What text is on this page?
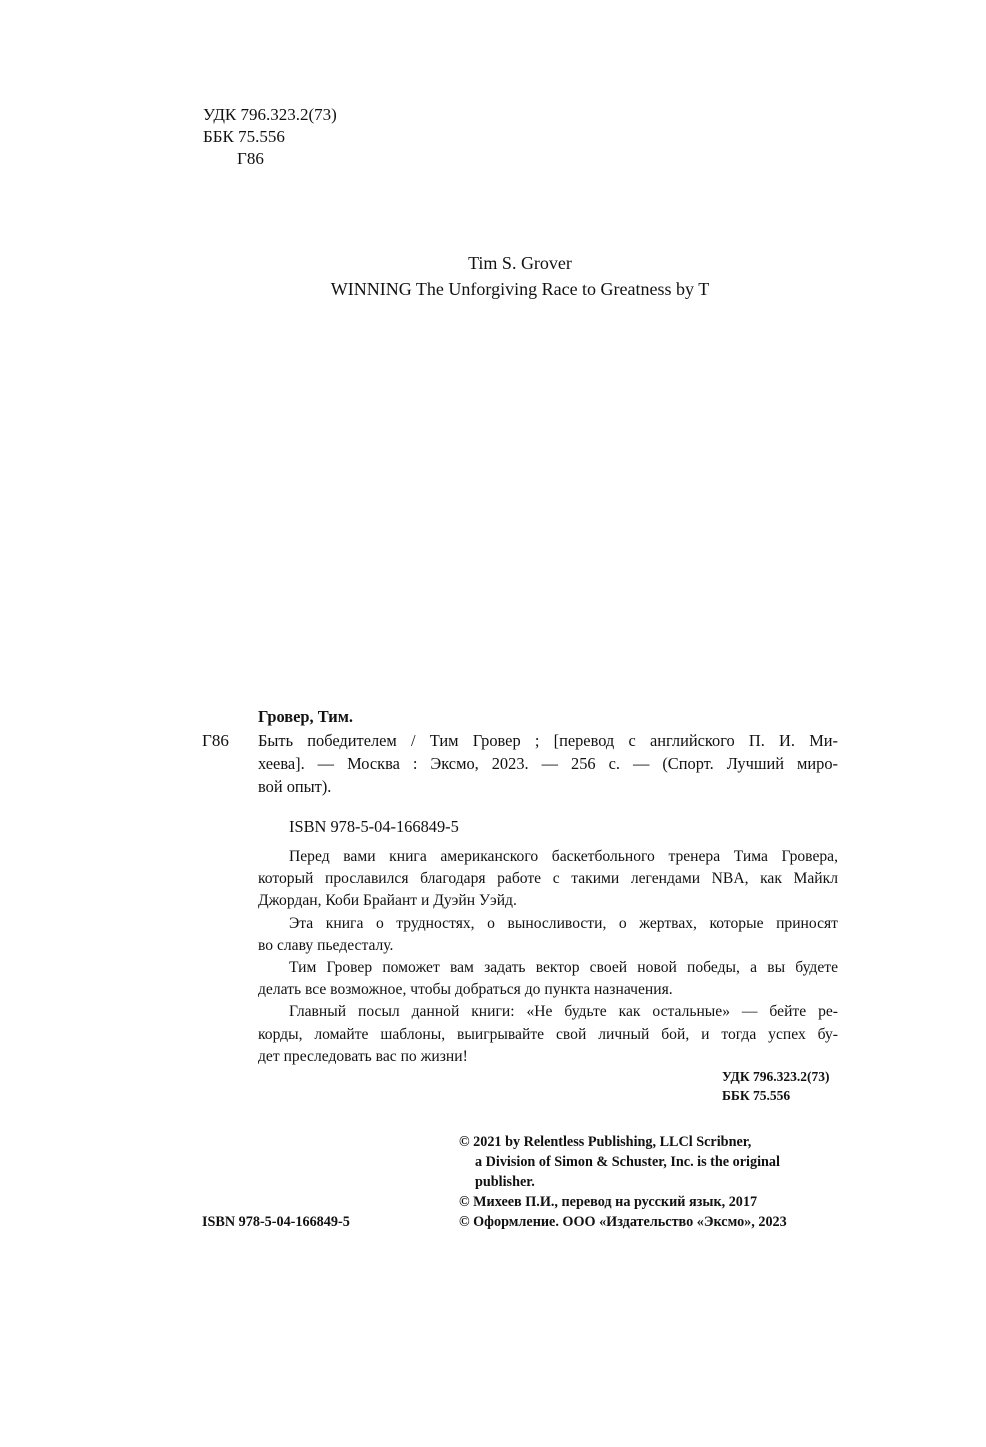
УДК 796.323.2(73)
ББК 75.556
Г86
Tim S. Grover
WINNING The Unforgiving Race to Greatness by T
Гровер, Тим.
Г86 Быть победителем / Тим Гровер ; [перевод с английского П. И. Ми-
хеева]. — Москва : Эксмо, 2023. — 256 с. — (Спорт. Лучший миро-
вой опыт).
ISBN 978-5-04-166849-5
Перед вами книга американского баскетбольного тренера Тима Гровера,
который прославился благодаря работе с такими легендами NBA, как Майкл
Джордан, Коби Брайант и Дуэйн Уэйд.
Эта книга о трудностях, о выносливости, о жертвах, которые приносят
во славу пьедесталу.
Тим Гровер поможет вам задать вектор своей новой победы, а вы будете
делать все возможное, чтобы добраться до пункта назначения.
Главный посыл данной книги: «Не будьте как остальные» — бейте ре-
корды, ломайте шаблоны, выигрывайте свой личный бой, и тогда успех бу-
дет преследовать вас по жизни!
УДК 796.323.2(73)
ББК 75.556
© 2021 by Relentless Publishing, LLCl Scribner,
a Division of Simon & Schuster, Inc. is the original
publisher.
© Михеев П.И., перевод на русский язык, 2017
© Оформление. ООО «Издательство «Эксмо», 2023
ISBN 978-5-04-166849-5
